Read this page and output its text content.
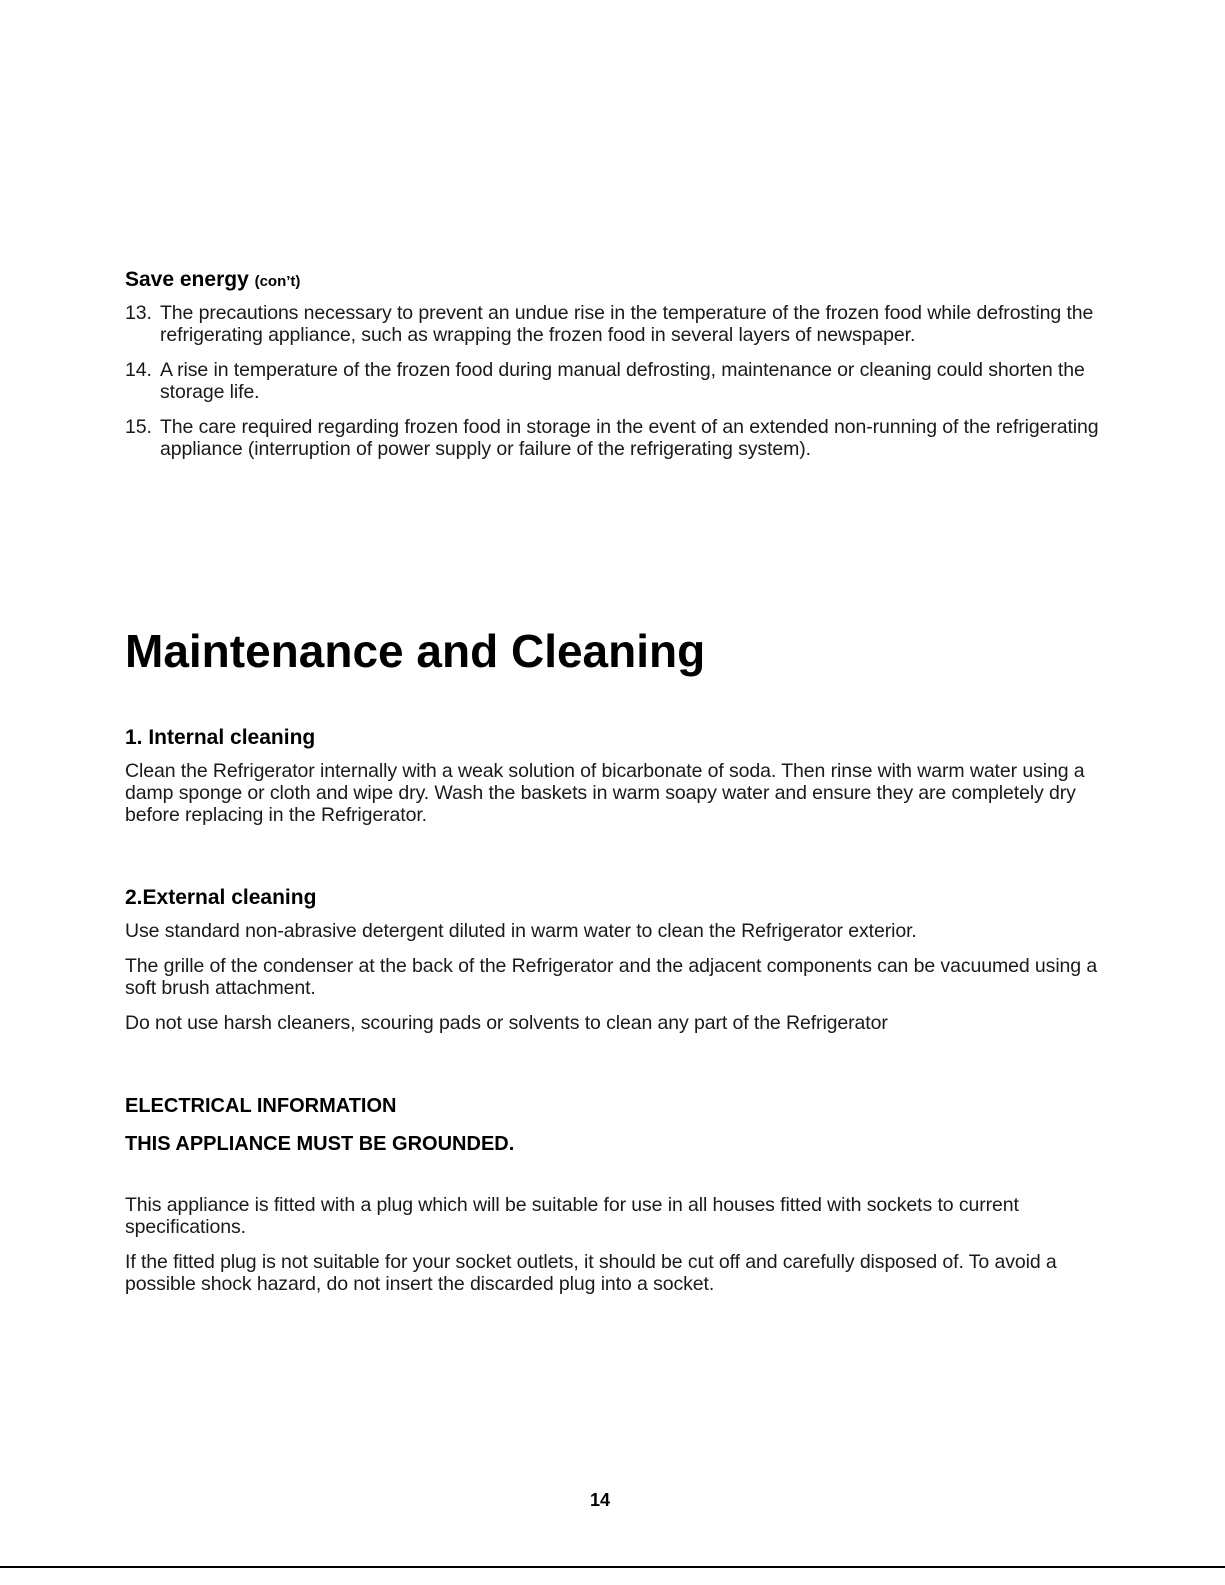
Save energy (con’t)
13. The precautions necessary to prevent an undue rise in the temperature of the frozen food while defrosting the refrigerating appliance, such as wrapping the frozen food in several layers of newspaper.
14. A rise in temperature of the frozen food during manual defrosting, maintenance or cleaning could shorten the storage life.
15. The care required regarding frozen food in storage in the event of an extended non-running of the refrigerating appliance (interruption of power supply or failure of the refrigerating system).
Maintenance and Cleaning
1. Internal cleaning

Clean the Refrigerator internally with a weak solution of bicarbonate of soda. Then rinse with warm water using a damp sponge or cloth and wipe dry. Wash the baskets in warm soapy water and ensure they are completely dry before replacing in the Refrigerator.

2.External cleaning

Use standard non-abrasive detergent diluted in warm water to clean the Refrigerator exterior.

The grille of the condenser at the back of the Refrigerator and the adjacent components can be vacuumed using a soft brush attachment.

Do not use harsh cleaners, scouring pads or solvents to clean any part of the Refrigerator

ELECTRICAL INFORMATION
THIS APPLIANCE MUST BE GROUNDED.

This appliance is fitted with a plug which will be suitable for use in all houses fitted with sockets to current specifications.

If the fitted plug is not suitable for your socket outlets, it should be cut off and carefully disposed of. To avoid a possible shock hazard, do not insert the discarded plug into a socket.

14
